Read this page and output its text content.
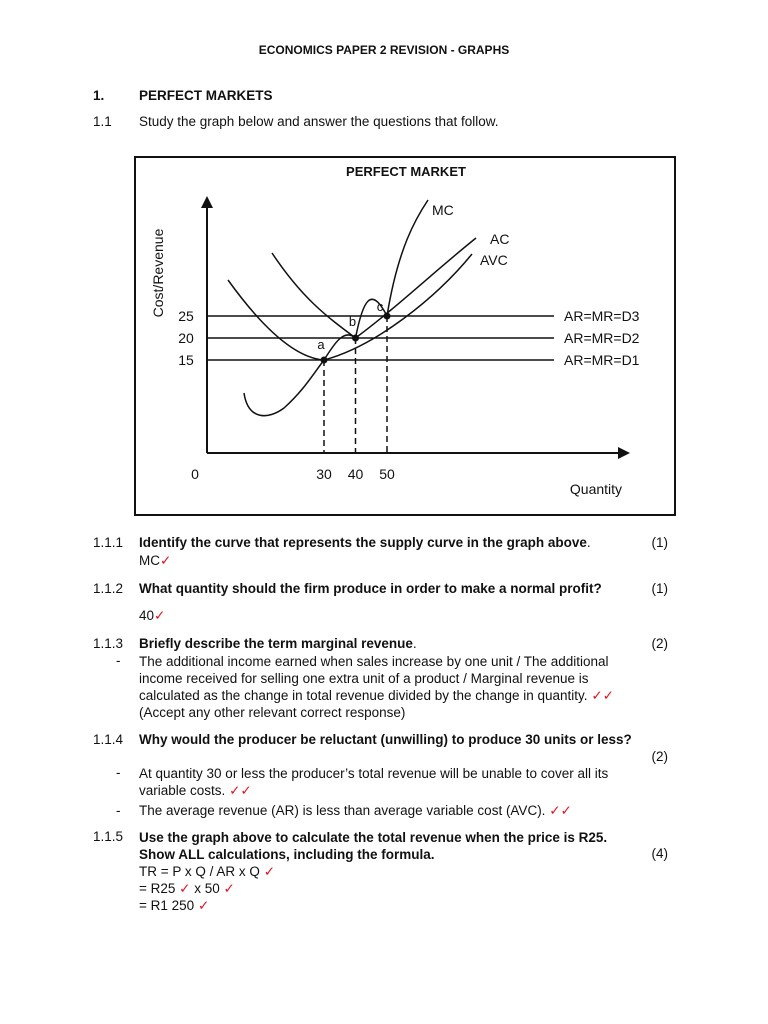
ECONOMICS PAPER 2 REVISION - GRAPHS
1.	PERFECT MARKETS
1.1 Study the graph below and answer the questions that follow.
PERFECT MARKET
Cost/Revenue
Quantity
0
25	AR=MR=D3
20	AR=MR=D2
15	AR=MR=D1
30
a
40
b
50
c
MC
AC
AVC
1.1.1 Identify the curve that represents the supply curve in the graph above.	(1)
MC✓
1.1.2 What quantity should the firm produce in order to make a normal profit?	(1)
40✓
1.1.3 Briefly describe the term marginal revenue.	(2)
- The additional income earned when sales increase by one unit / The additional
income received for selling one extra unit of a product / Marginal revenue is
calculated as the change in total revenue divided by the change in quantity. ✓✓
(Accept any other relevant correct response)
1.1.4 Why would the producer be reluctant (unwilling) to produce 30 units or less?
(2)
- At quantity 30 or less the producer’s total revenue will be unable to cover all its
variable costs. ✓✓
- The average revenue (AR) is less than average variable cost (AVC). ✓✓
1.1.5 Use the graph above to calculate the total revenue when the price is R25.
Show ALL calculations, including the formula.	(4)
TR = P x Q / AR x Q ✓
= R25 ✓ x 50 ✓
= R1 250 ✓
